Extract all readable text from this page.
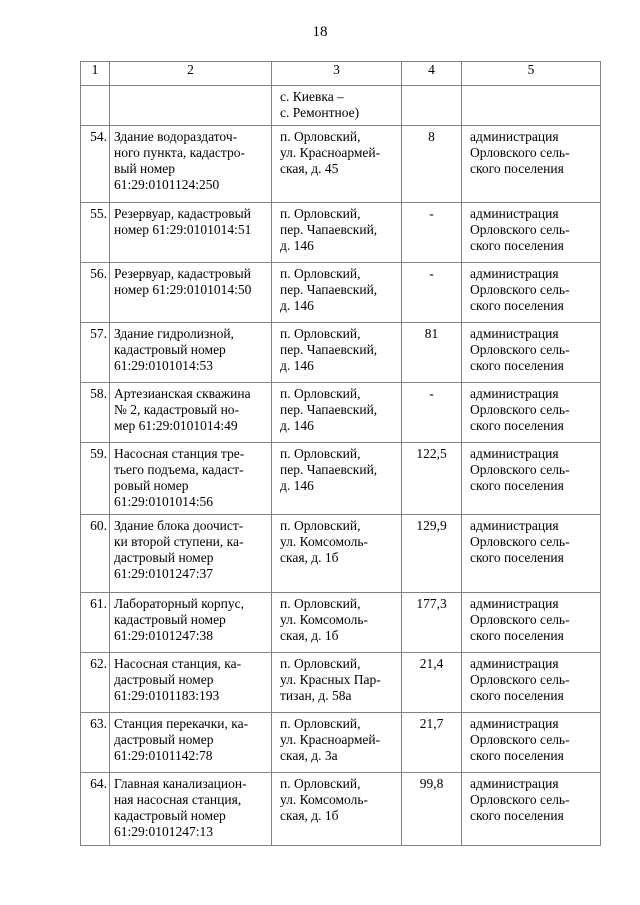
18
1	2	3	4	5
		с. Киевка –
с. Ремонтное)		
54.	Здание водораздаточ-
ного пункта, кадастро-
вый номер
61:29:0101124:250	п. Орловский,
ул. Красноармей-
ская, д. 45	8	администрация
Орловского сель-
ского поселения
55.	Резервуар, кадастровый
номер 61:29:0101014:51	п. Орловский,
пер. Чапаевский,
д. 146	-	администрация
Орловского сель-
ского поселения
56.	Резервуар, кадастровый
номер 61:29:0101014:50	п. Орловский,
пер. Чапаевский,
д. 146	-	администрация
Орловского сель-
ского поселения
57.	Здание гидролизной,
кадастровый номер
61:29:0101014:53	п. Орловский,
пер. Чапаевский,
д. 146	81	администрация
Орловского сель-
ского поселения
58.	Артезианская скважина
№ 2, кадастровый но-
мер 61:29:0101014:49	п. Орловский,
пер. Чапаевский,
д. 146	-	администрация
Орловского сель-
ского поселения
59.	Насосная станция тре-
тьего подъема, кадаст-
ровый номер
61:29:0101014:56	п. Орловский,
пер. Чапаевский,
д. 146	122,5	администрация
Орловского сель-
ского поселения
60.	Здание блока доочист-
ки второй ступени, ка-
дастровый номер
61:29:0101247:37	п. Орловский,
ул. Комсомоль-
ская, д. 1б	129,9	администрация
Орловского сель-
ского поселения
61.	Лабораторный корпус,
кадастровый номер
61:29:0101247:38	п. Орловский,
ул. Комсомоль-
ская, д. 1б	177,3	администрация
Орловского сель-
ского поселения
62.	Насосная станция, ка-
дастровый номер
61:29:0101183:193	п. Орловский,
ул. Красных Пар-
тизан, д. 58а	21,4	администрация
Орловского сель-
ского поселения
63.	Станция перекачки, ка-
дастровый номер
61:29:0101142:78	п. Орловский,
ул. Красноармей-
ская, д. 3а	21,7	администрация
Орловского сель-
ского поселения
64.	Главная канализацион-
ная насосная станция,
кадастровый номер
61:29:0101247:13	п. Орловский,
ул. Комсомоль-
ская, д. 1б	99,8	администрация
Орловского сель-
ского поселения
